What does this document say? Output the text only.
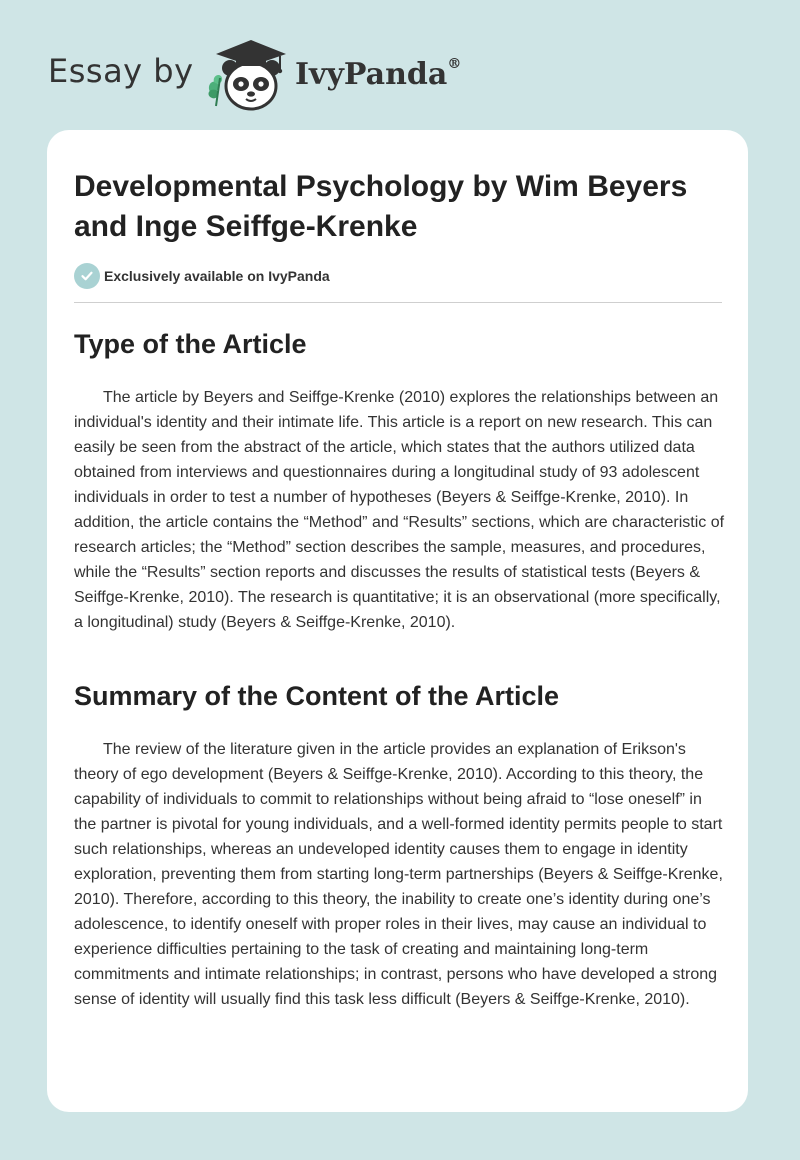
Essay by	IvyPanda®
Developmental Psychology by Wim Beyers and Inge Seiffge-Krenke
Exclusively available on IvyPanda
Type of the Article

The article by Beyers and Seiffge-Krenke (2010) explores the relationships between an individual's identity and their intimate life. This article is a report on new research. This can easily be seen from the abstract of the article, which states that the authors utilized data obtained from interviews and questionnaires during a longitudinal study of 93 adolescent individuals in order to test a number of hypotheses (Beyers & Seiffge-Krenke, 2010). In addition, the article contains the “Method” and “Results” sections, which are characteristic of research articles; the “Method” section describes the sample, measures, and procedures, while the “Results” section reports and discusses the results of statistical tests (Beyers & Seiffge-Krenke, 2010). The research is quantitative; it is an observational (more specifically, a longitudinal) study (Beyers & Seiffge-Krenke, 2010).

Summary of the Content of the Article

The review of the literature given in the article provides an explanation of Erikson's theory of ego development (Beyers & Seiffge-Krenke, 2010). According to this theory, the capability of individuals to commit to relationships without being afraid to “lose oneself” in the partner is pivotal for young individuals, and a well-formed identity permits people to start such relationships, whereas an undeveloped identity causes them to engage in identity exploration, preventing them from starting long-term partnerships (Beyers & Seiffge-Krenke, 2010). Therefore, according to this theory, the inability to create one’s identity during one’s adolescence, to identify oneself with proper roles in their lives, may cause an individual to experience difficulties pertaining to the task of creating and maintaining long-term commitments and intimate relationships; in contrast, persons who have developed a strong sense of identity will usually find this task less difficult (Beyers & Seiffge-Krenke, 2010).
